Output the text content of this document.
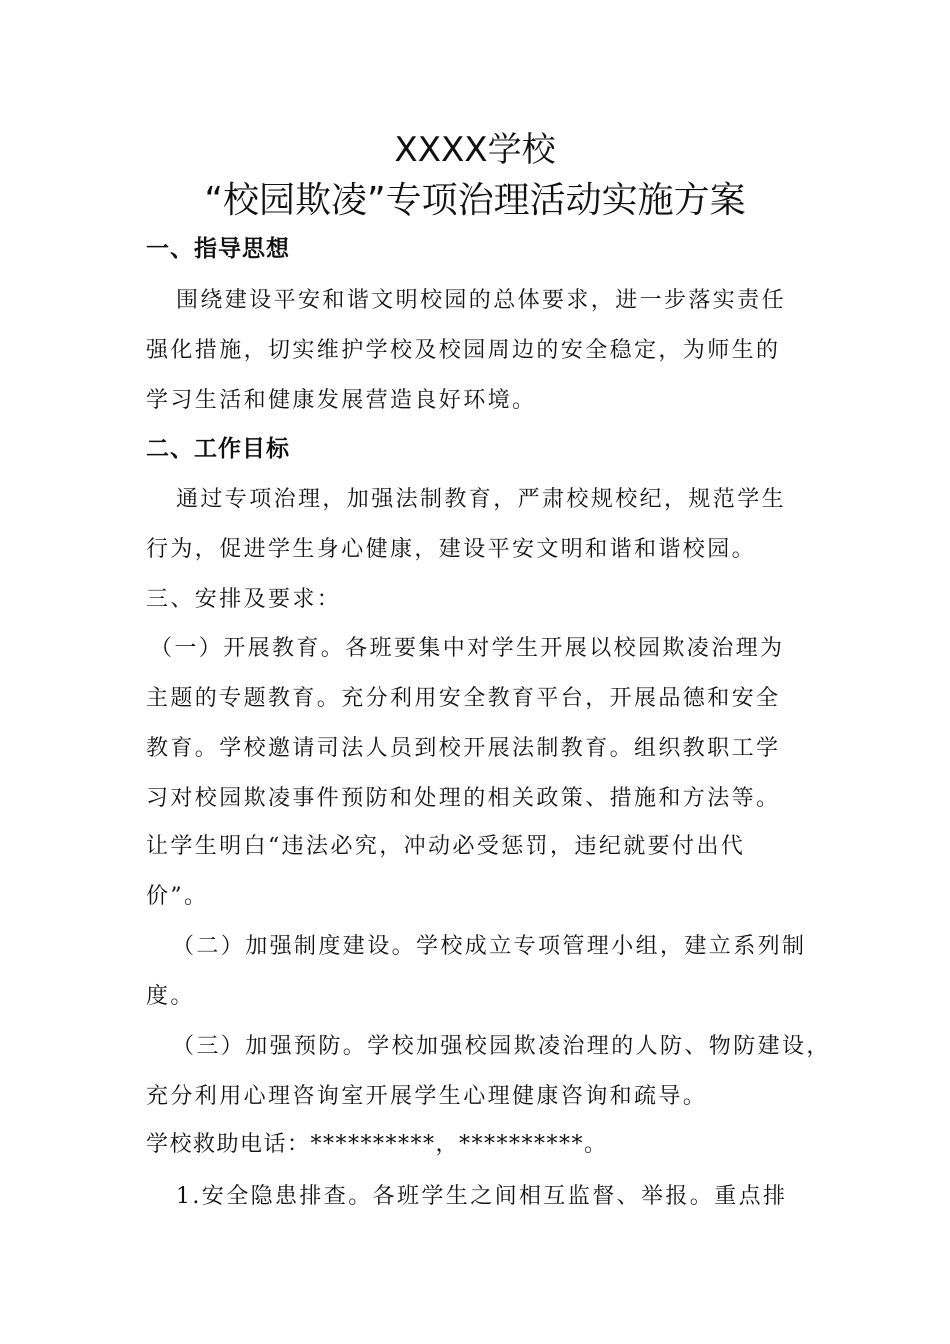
XXXX学校
“校园欺凌”专项治理活动实施方案
一、指导思想
围绕建设平安和谐文明校园的总体要求，进一步落实责任
强化措施，切实维护学校及校园周边的安全稳定，为师生的
学习生活和健康发展营造良好环境。
二、工作目标
通过专项治理，加强法制教育，严肃校规校纪，规范学生
行为，促进学生身心健康，建设平安文明和谐和谐校园。
三、安排及要求：
（一）开展教育。各班要集中对学生开展以校园欺凌治理为
主题的专题教育。充分利用安全教育平台，开展品德和安全
教育。学校邀请司法人员到校开展法制教育。组织教职工学
习对校园欺凌事件预防和处理的相关政策、措施和方法等。
让学生明白“违法必究，冲动必受惩罚，违纪就要付出代
价”。
（二）加强制度建设。学校成立专项管理小组，建立系列制
度。
（三）加强预防。学校加强校园欺凌治理的人防、物防建设，
充分利用心理咨询室开展学生心理健康咨询和疏导。
学校救助电话：**********，**********。
1.安全隐患排查。各班学生之间相互监督、举报。重点排
